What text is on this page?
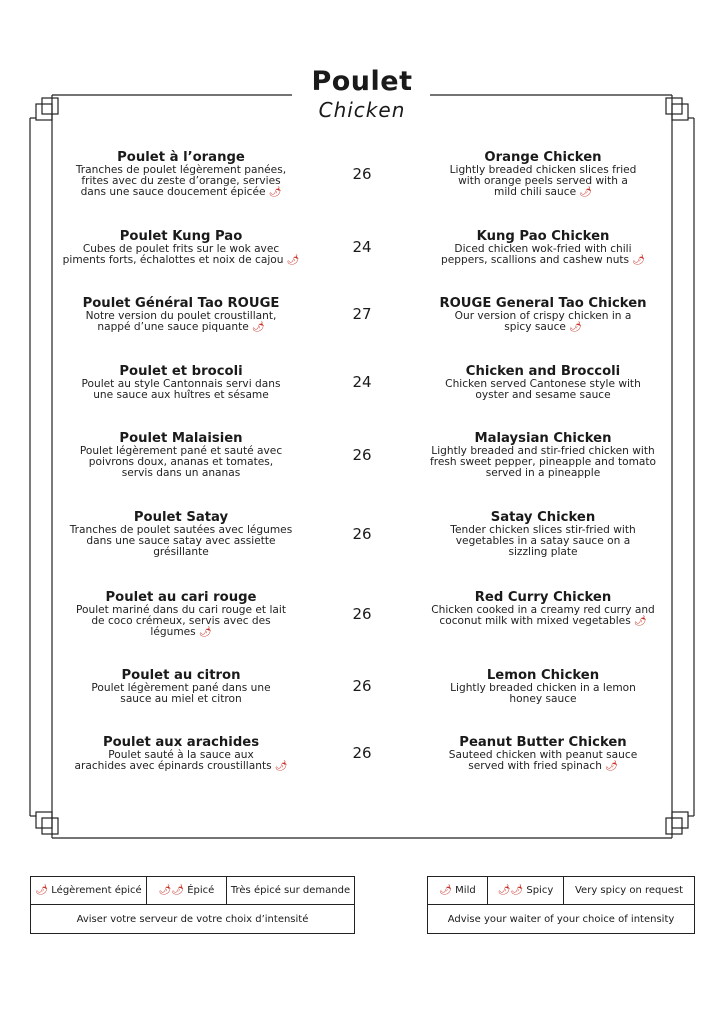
Poulet
Chicken
Poulet à l’orange
Tranches de poulet légèrement panées,
frites avec du zeste d’orange, servies
dans une sauce doucement épicée 🌶
Orange Chicken
Lightly breaded chicken slices fried
with orange peels served with a
mild chili sauce 🌶
26
Poulet Kung Pao
Cubes de poulet frits sur le wok avec
piments forts, échalottes et noix de cajou 🌶
Kung Pao Chicken
Diced chicken wok-fried with chili
peppers, scallions and cashew nuts 🌶
24
Poulet Général Tao ROUGE
Notre version du poulet croustillant,
nappé d’une sauce piquante 🌶
ROUGE General Tao Chicken
Our version of crispy chicken in a
spicy sauce 🌶
27
Poulet et brocoli
Poulet au style Cantonnais servi dans
une sauce aux huîtres et sésame
Chicken and Broccoli
Chicken served Cantonese style with
oyster and sesame sauce
24
Poulet Malaisien
Poulet légèrement pané et sauté avec
poivrons doux, ananas et tomates,
servis dans un ananas
Malaysian Chicken
Lightly breaded and stir-fried chicken with
fresh sweet pepper, pineapple and tomato
served in a pineapple
26
Poulet Satay
Tranches de poulet sautées avec légumes
dans une sauce satay avec assiette
grésillante
Satay Chicken
Tender chicken slices stir-fried with
vegetables in a satay sauce on a
sizzling plate
26
Poulet au cari rouge
Poulet mariné dans du cari rouge et lait
de coco crémeux, servis avec des
légumes 🌶
Red Curry Chicken
Chicken cooked in a creamy red curry and
coconut milk with mixed vegetables 🌶
26
Poulet au citron
Poulet légèrement pané dans une
sauce au miel et citron
Lemon Chicken
Lightly breaded chicken in a lemon
honey sauce
26
Poulet aux arachides
Poulet sauté à la sauce aux
arachides avec épinards croustillants 🌶
Peanut Butter Chicken
Sauteed chicken with peanut sauce
served with fried spinach 🌶
26
🌶
Légèrement épicé 🌶🌶
Épicé	Très épicé sur demande
Aviser votre serveur de votre choix d’intensité
🌶
Mild 🌶🌶
Spicy	Very spicy on request
Advise your waiter of your choice of intensity
